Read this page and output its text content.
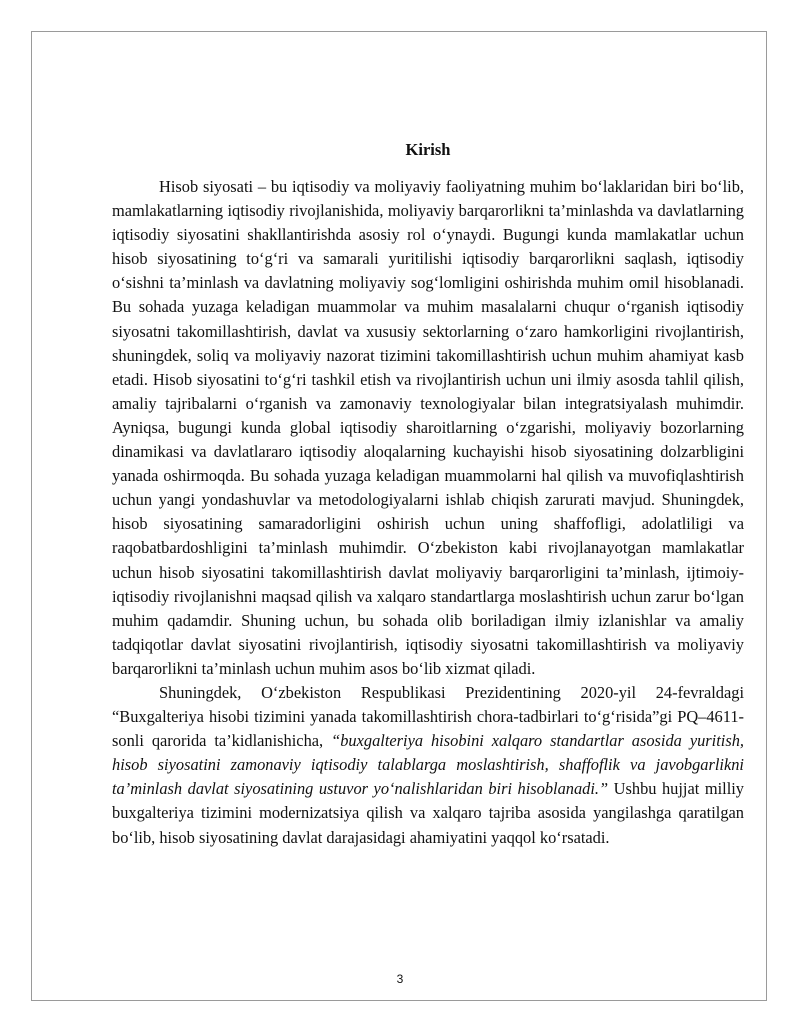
Kirish

Hisob siyosati – bu iqtisodiy va moliyaviy faoliyatning muhim bo‘laklaridan biri bo‘lib, mamlakatlarning iqtisodiy rivojlanishida, moliyaviy barqarorlikni ta’minlashda va davlatlarning iqtisodiy siyosatini shakllantirishda asosiy rol o‘ynaydi. Bugungi kunda mamlakatlar uchun hisob siyosatining to‘g‘ri va samarali yuritilishi iqtisodiy barqarorlikni saqlash, iqtisodiy o‘sishni ta’minlash va davlatning moliyaviy sog‘lomligini oshirishda muhim omil hisoblanadi. Bu sohada yuzaga keladigan muammolar va muhim masalalarni chuqur o‘rganish iqtisodiy siyosatni takomillashtirish, davlat va xususiy sektorlarning o‘zaro hamkorligini rivojlantirish, shuningdek, soliq va moliyaviy nazorat tizimini takomillashtirish uchun muhim ahamiyat kasb etadi. Hisob siyosatini to‘g‘ri tashkil etish va rivojlantirish uchun uni ilmiy asosda tahlil qilish, amaliy tajribalarni o‘rganish va zamonaviy texnologiyalar bilan integratsiyalash muhimdir. Ayniqsa, bugungi kunda global iqtisodiy sharoitlarning o‘zgarishi, moliyaviy bozorlarning dinamikasi va davlatlararo iqtisodiy aloqalarning kuchayishi hisob siyosatining dolzarbligini yanada oshirmoqda. Bu sohada yuzaga keladigan muammolarni hal qilish va muvofiqlashtirish uchun yangi yondashuvlar va metodologiyalarni ishlab chiqish zarurati mavjud. Shuningdek, hisob siyosatining samaradorligini oshirish uchun uning shaffofligi, adolatliligi va raqobatbardoshligini ta’minlash muhimdir. O‘zbekiston kabi rivojlanayotgan mamlakatlar uchun hisob siyosatini takomillashtirish davlat moliyaviy barqarorligini ta’minlash, ijtimoiy-iqtisodiy rivojlanishni maqsad qilish va xalqaro standartlarga moslashtirish uchun zarur bo‘lgan muhim qadamdir. Shuning uchun, bu sohada olib boriladigan ilmiy izlanishlar va amaliy tadqiqotlar davlat siyosatini rivojlantirish, iqtisodiy siyosatni takomillashtirish va moliyaviy barqarorlikni ta’minlash uchun muhim asos bo‘lib xizmat qiladi.

Shuningdek, O‘zbekiston Respublikasi Prezidentining 2020-yil 24-fevraldagi “Buxgalteriya hisobi tizimini yanada takomillashtirish chora-tadbirlari to‘g‘risida”gi PQ–4611-sonli qarorida ta’kidlanishicha, “buxgalteriya hisobini xalqaro standartlar asosida yuritish, hisob siyosatini zamonaviy iqtisodiy talablarga moslashtirish, shaffoflik va javobgarlikni ta’minlash davlat siyosatining ustuvor yo‘nalishlaridan biri hisoblanadi.” Ushbu hujjat milliy buxgalteriya tizimini modernizatsiya qilish va xalqaro tajriba asosida yangilashga qaratilgan bo‘lib, hisob siyosatining davlat darajasidagi ahamiyatini yaqqol ko‘rsatadi.

3
